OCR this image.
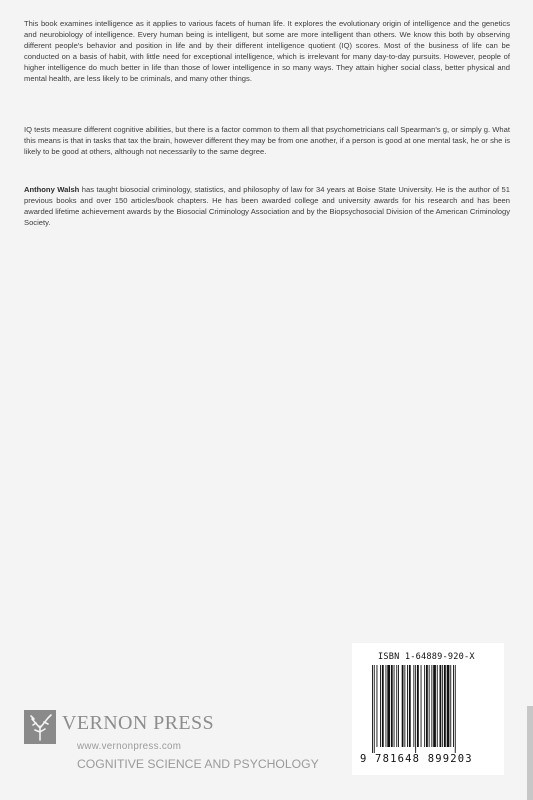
This book examines intelligence as it applies to various facets of human life. It explores the evolutionary origin of intelligence and the genetics and neurobiology of intelligence. Every human being is intelligent, but some are more intelligent than others. We know this both by observing different people's behavior and position in life and by their different intelligence quotient (IQ) scores. Most of the business of life can be conducted on a basis of habit, with little need for exceptional intelligence, which is irrelevant for many day-to-day pursuits. However, people of higher intelligence do much better in life than those of lower intelligence in so many ways. They attain higher social class, better physical and mental health, are less likely to be criminals, and many other things.

IQ tests measure different cognitive abilities, but there is a factor common to them all that psychometricians call Spearman's g, or simply g. What this means is that in tasks that tax the brain, however different they may be from one another, if a person is good at one mental task, he or she is likely to be good at others, although not necessarily to the same degree.

Anthony Walsh has taught biosocial criminology, statistics, and philosophy of law for 34 years at Boise State University. He is the author of 51 previous books and over 150 articles/book chapters. He has been awarded college and university awards for his research and has been awarded lifetime achievement awards by the Biosocial Criminology Association and by the Biopsychosocial Division of the American Criminology Society.

ISBN 1-64889-920-X
9 781648 899203
VERNON PRESS
www.vernonpress.com
COGNITIVE SCIENCE AND PSYCHOLOGY
